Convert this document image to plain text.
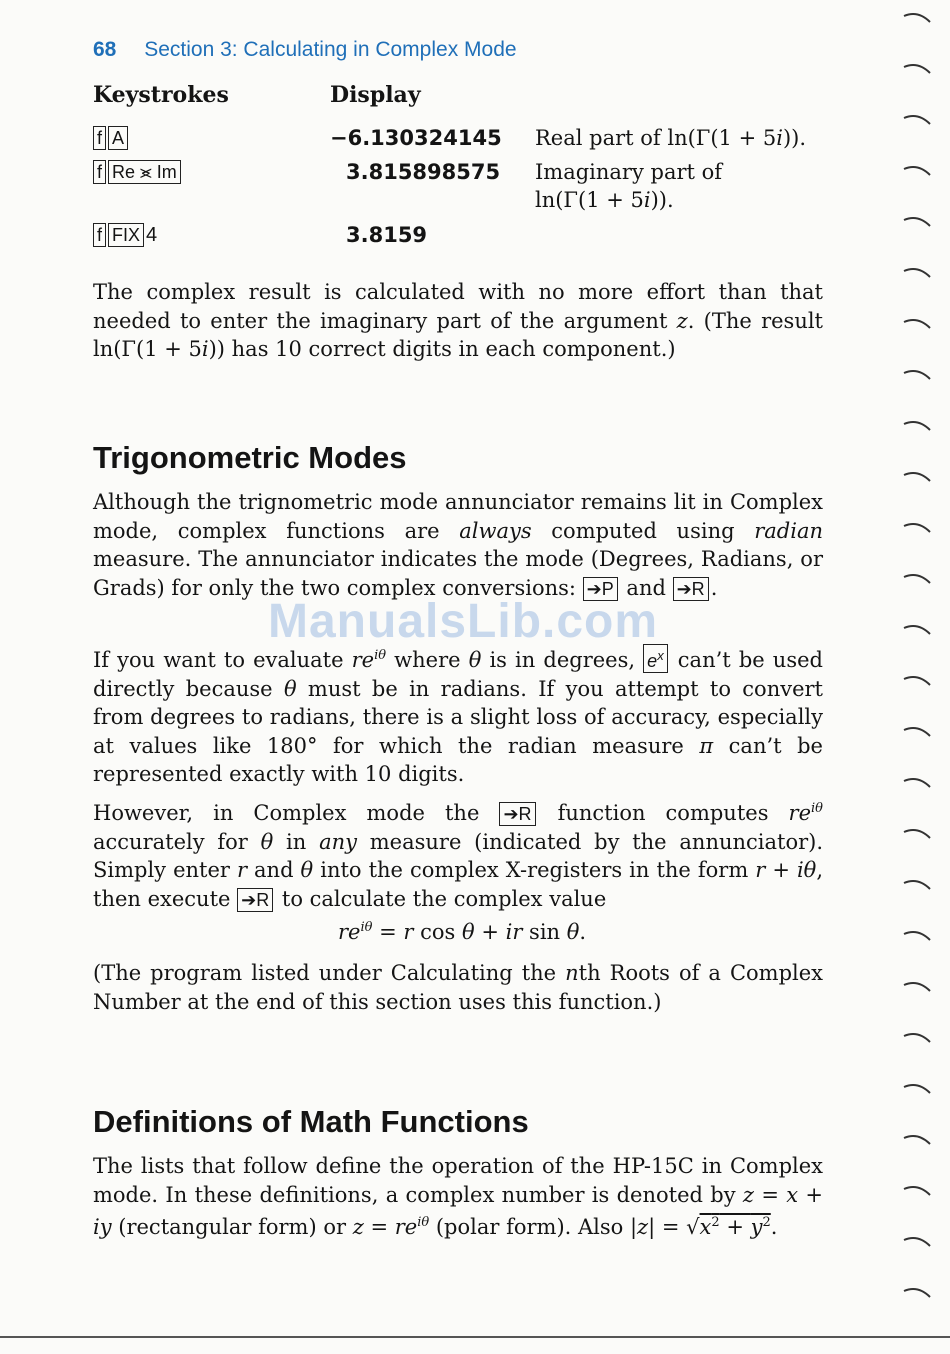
68 Section 3: Calculating in Complex Mode
Keystrokes	Display
f A	−6.130324145 Real part of ln(Γ(1 + 5i)).
f Re ⪤ Im	3.815898575 Imaginary part of
ln(Γ(1 + 5i)).
f FIX 4	3.8159
The complex result is calculated with no more effort than that needed to enter the imaginary part of the argument z. (The result ln(Γ(1 + 5i)) has 10 correct digits in each component.)
Trigonometric Modes
Although the trignometric mode annunciator remains lit in Complex mode, complex functions are always computed using radian measure. The annunciator indicates the mode (Degrees, Radians, or Grads) for only the two complex conversions: ➔P and ➔R .
ManualsLib.com
If you want to evaluate $re^{i\theta}$ where θ is in degrees, $e^x$ can’t be used directly because θ must be in radians. If you attempt to convert from degrees to radians, there is a slight loss of accuracy, especially at values like 180° for which the radian measure π can’t be represented exactly with 10 digits.
However, in Complex mode the ➔R function computes $re^{i\theta}$ accurately for θ in any measure (indicated by the annunciator). Simply enter r and θ into the complex X-registers in the form r + iθ, then execute ➔R to calculate the complex value
$re^{i\theta} = r$ cos θ + ir sin θ.
(The program listed under Calculating the nth Roots of a Complex Number at the end of this section uses this function.)
Definitions of Math Functions
The lists that follow define the operation of the HP-15C in Complex mode. In these definitions, a complex number is denoted by z = x + iy (rectangular form) or $z = re^{i\theta}$ (polar form). Also $|z| = √x^2 + y^2$.
